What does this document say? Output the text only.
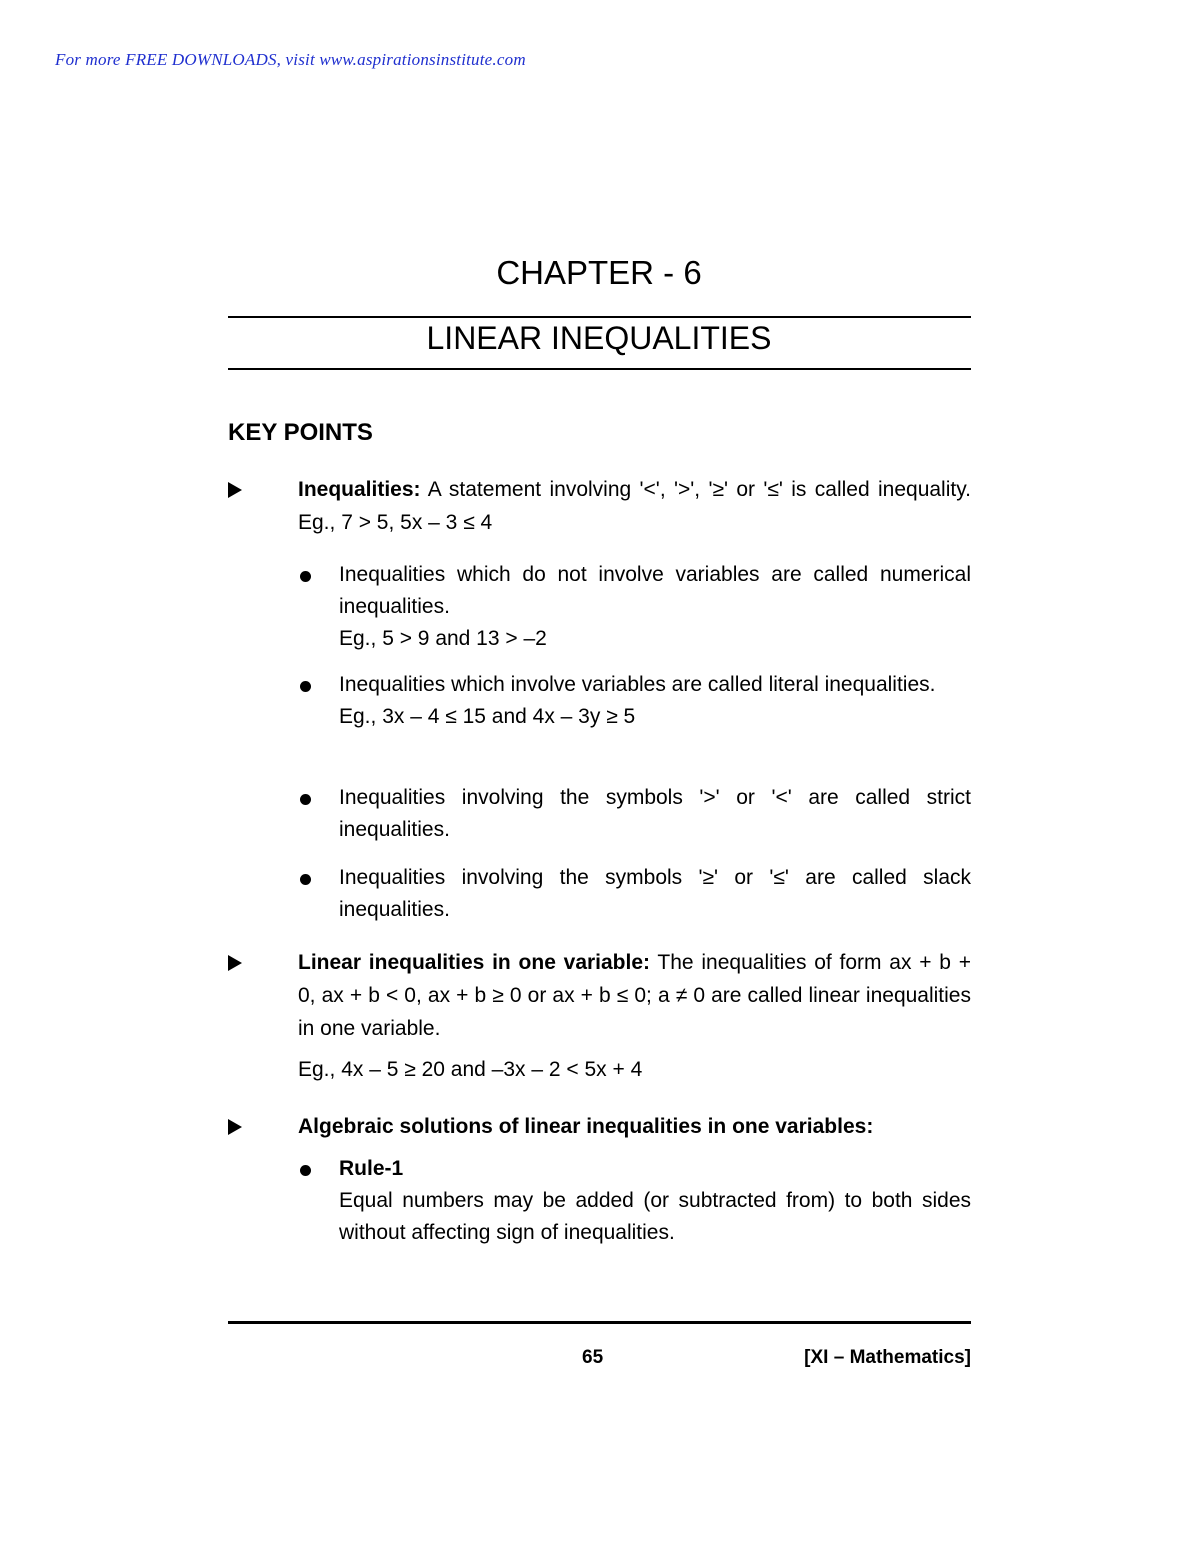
For more FREE DOWNLOADS, visit www.aspirationsinstitute.com
CHAPTER - 6
LINEAR INEQUALITIES
KEY POINTS
Inequalities: A statement involving '<', '>', '≥' or '≤' is called inequality. Eg., 7 > 5, 5x – 3 ≤ 4
Inequalities which do not involve variables are called numerical inequalities.
Eg., 5 > 9 and 13 > –2
Inequalities which involve variables are called literal inequalities.
Eg., 3x – 4 ≤ 15 and 4x – 3y ≥ 5
Inequalities involving the symbols '>' or '<' are called strict inequalities.
Inequalities involving the symbols '≥' or '≤' are called slack inequalities.
Linear inequalities in one variable: The inequalities of form ax + b + 0, ax + b < 0, ax + b ≥ 0 or ax + b ≤ 0; a ≠ 0 are called linear inequalities in one variable.
Eg., 4x – 5 ≥ 20 and –3x – 2 < 5x + 4
Algebraic solutions of linear inequalities in one variables:
Rule-1
Equal numbers may be added (or subtracted from) to both sides without affecting sign of inequalities.
65	[XI – Mathematics]
